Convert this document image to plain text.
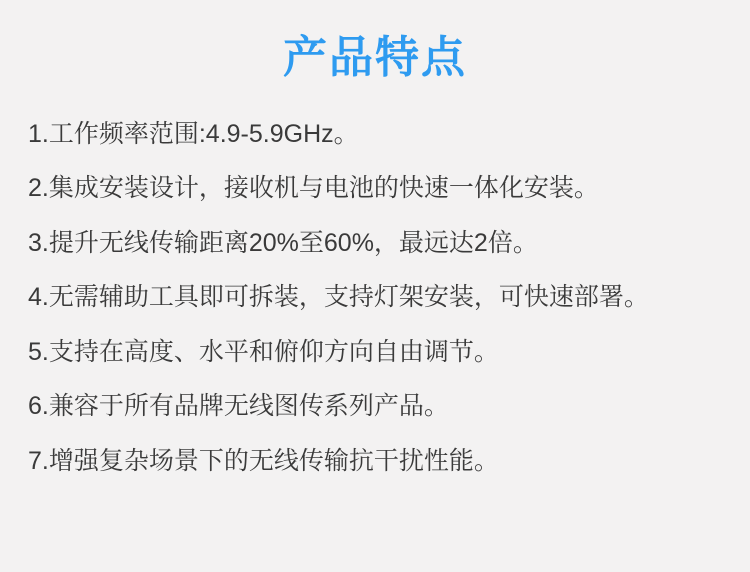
产品特点
1.工作频率范围:4.9-5.9GHz。
2.集成安装设计，接收机与电池的快速一体化安装。
3.提升无线传输距离20%至60%，最远达2倍。
4.无需辅助工具即可拆装，支持灯架安装，可快速部署。
5.支持在高度、水平和俯仰方向自由调节。
6.兼容于所有品牌无线图传系列产品。
7.增强复杂场景下的无线传输抗干扰性能。
